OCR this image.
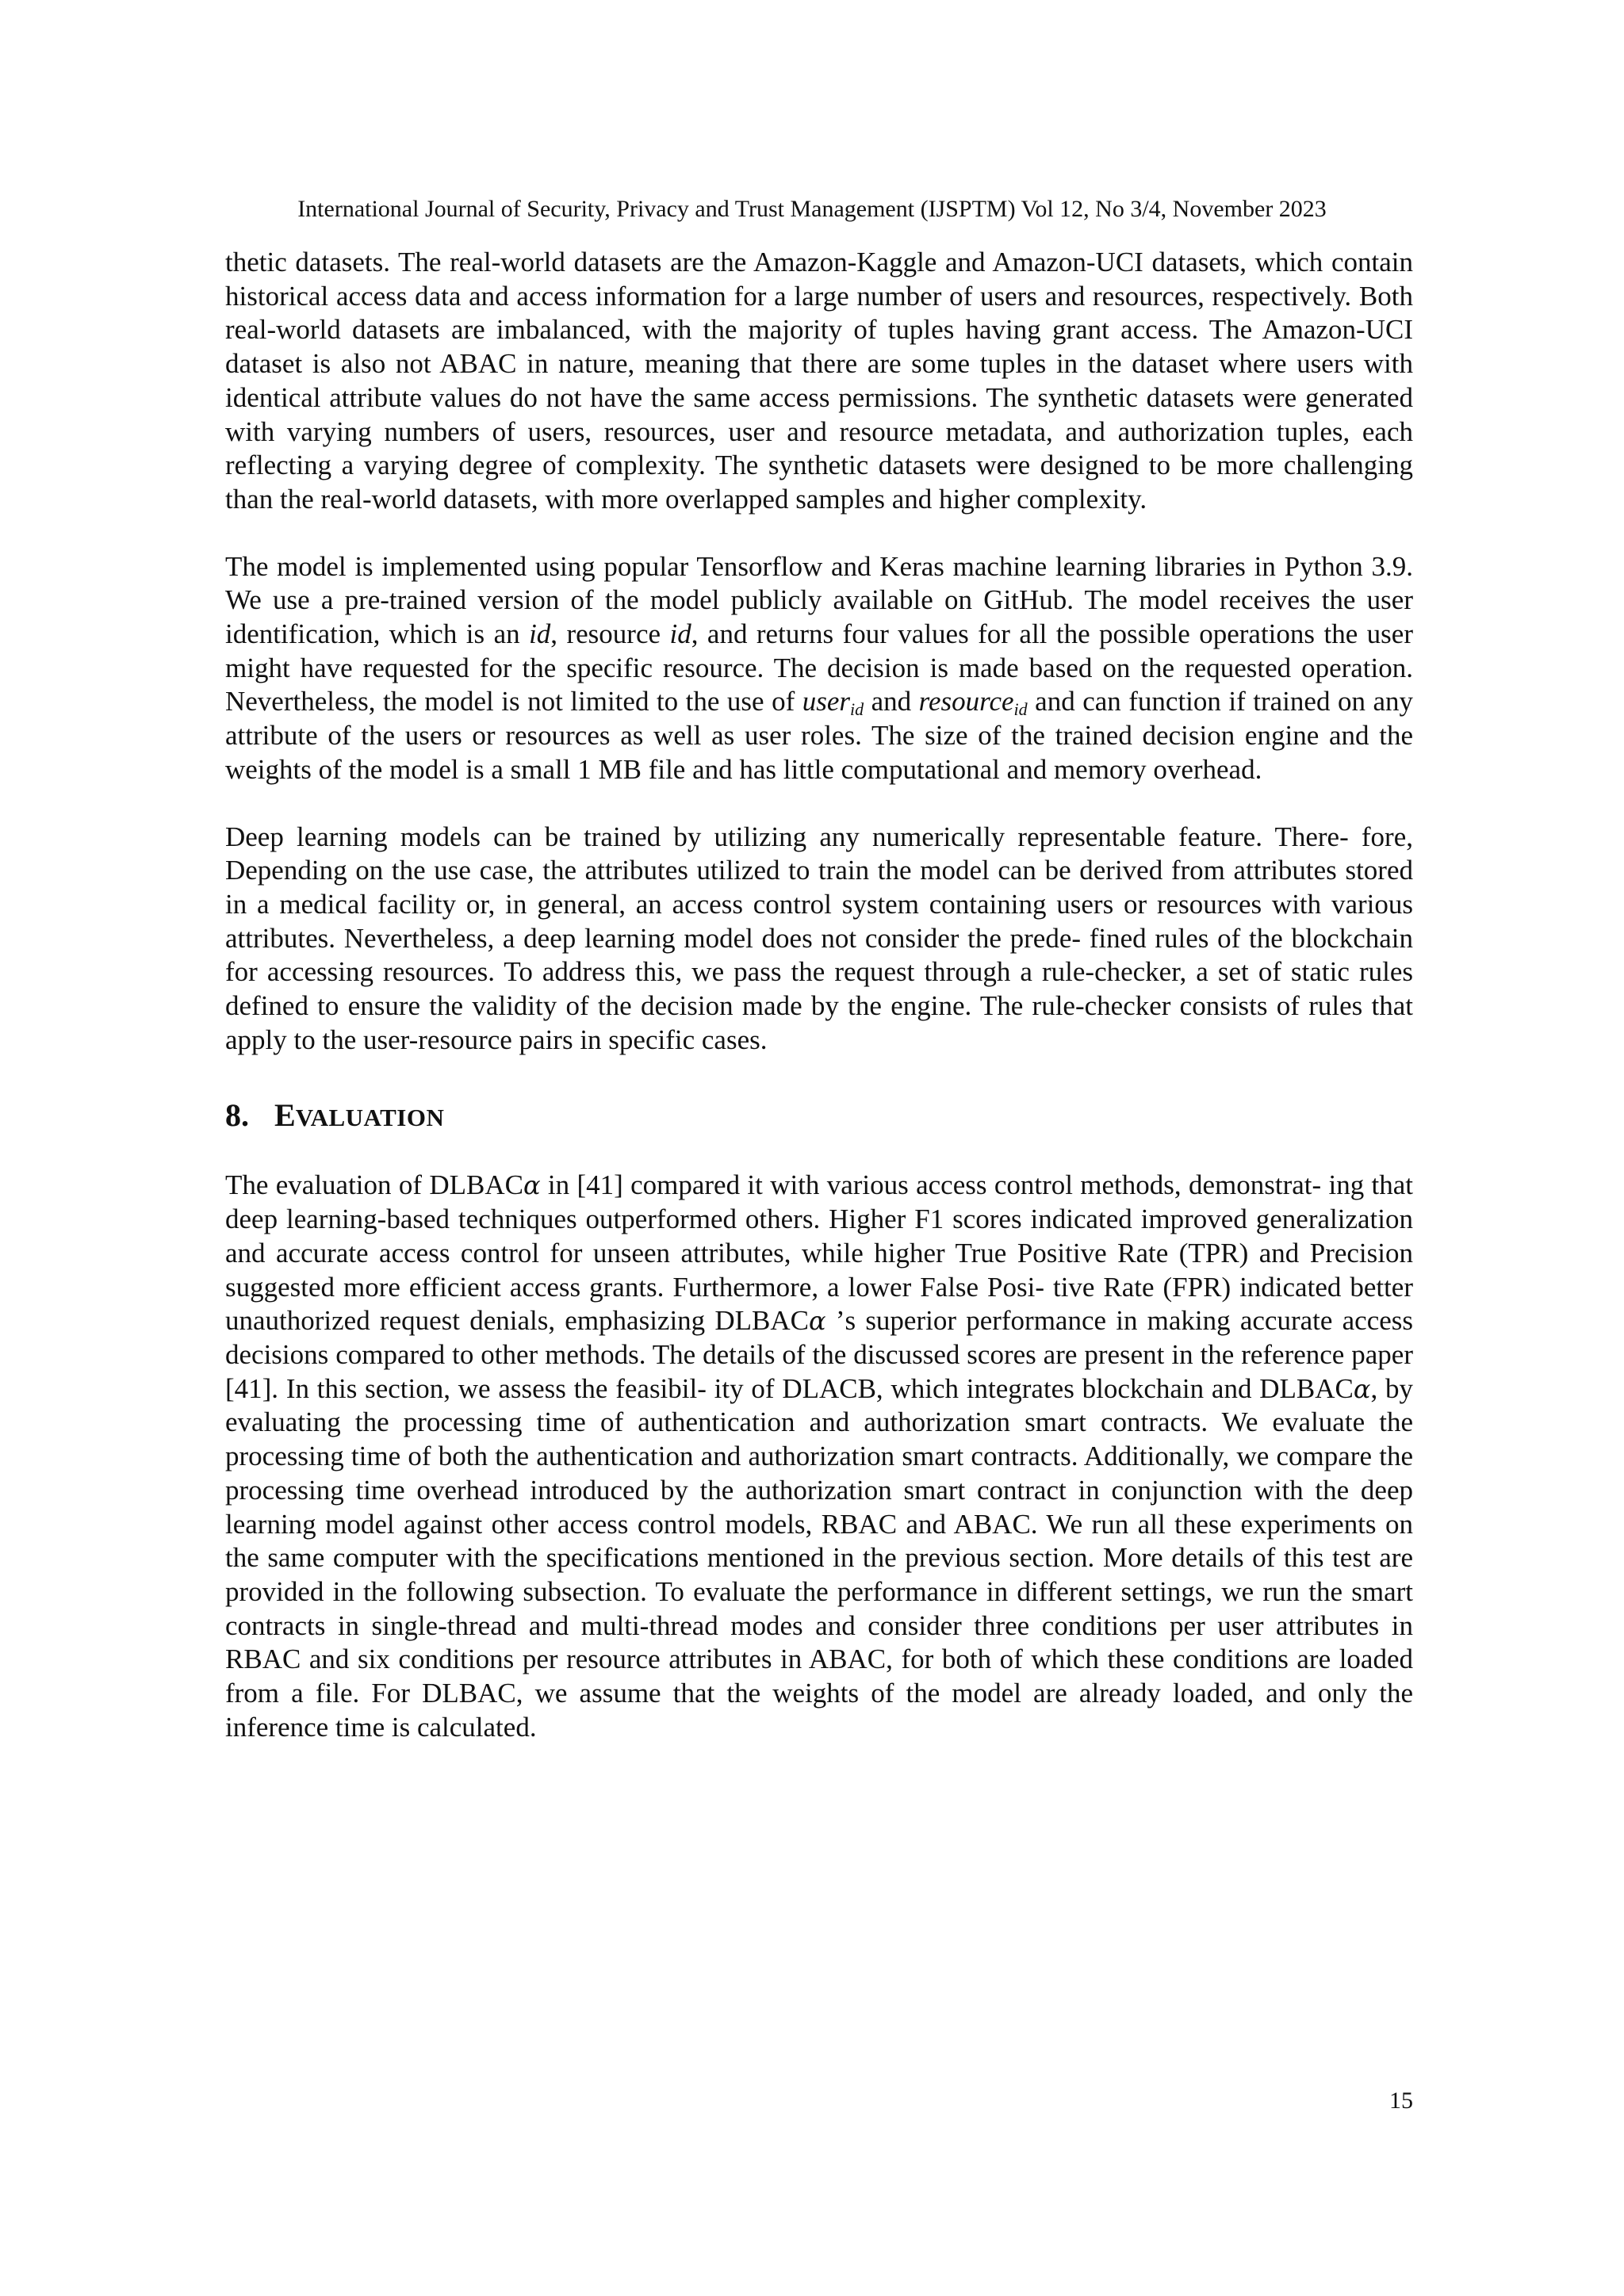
International Journal of Security, Privacy and Trust Management (IJSPTM) Vol 12, No 3/4, November 2023

thetic datasets. The real-world datasets are the Amazon-Kaggle and Amazon-UCI datasets, which contain historical access data and access information for a large number of users and resources, respectively. Both real-world datasets are imbalanced, with the majority of tuples having grant access. The Amazon-UCI dataset is also not ABAC in nature, meaning that there are some tuples in the dataset where users with identical attribute values do not have the same access permissions. The synthetic datasets were generated with varying numbers of users, resources, user and resource metadata, and authorization tuples, each reflecting a varying degree of complexity. The synthetic datasets were designed to be more challenging than the real-world datasets, with more overlapped samples and higher complexity.

The model is implemented using popular Tensorflow and Keras machine learning libraries in Python 3.9. We use a pre-trained version of the model publicly available on GitHub. The model receives the user identification, which is an id, resource id, and returns four values for all the possible operations the user might have requested for the specific resource. The decision is made based on the requested operation. Nevertheless, the model is not limited to the use of user$_{id}$ and resource$_{id}$ and can function if trained on any attribute of the users or resources as well as user roles. The size of the trained decision engine and the weights of the model is a small 1 MB file and has little computational and memory overhead.

Deep learning models can be trained by utilizing any numerically representable feature. There- fore, Depending on the use case, the attributes utilized to train the model can be derived from attributes stored in a medical facility or, in general, an access control system containing users or resources with various attributes. Nevertheless, a deep learning model does not consider the prede- fined rules of the blockchain for accessing resources. To address this, we pass the request through a rule-checker, a set of static rules defined to ensure the validity of the decision made by the engine. The rule-checker consists of rules that apply to the user-resource pairs in specific cases.

8. EVALUATION

The evaluation of DLBACα in [41] compared it with various access control methods, demonstrat- ing that deep learning-based techniques outperformed others. Higher F1 scores indicated improved generalization and accurate access control for unseen attributes, while higher True Positive Rate (TPR) and Precision suggested more efficient access grants. Furthermore, a lower False Posi- tive Rate (FPR) indicated better unauthorized request denials, emphasizing DLBACα ’s superior performance in making accurate access decisions compared to other methods. The details of the discussed scores are present in the reference paper [41]. In this section, we assess the feasibil- ity of DLACB, which integrates blockchain and DLBACα, by evaluating the processing time of authentication and authorization smart contracts. We evaluate the processing time of both the authentication and authorization smart contracts. Additionally, we compare the processing time overhead introduced by the authorization smart contract in conjunction with the deep learning model against other access control models, RBAC and ABAC. We run all these experiments on the same computer with the specifications mentioned in the previous section. More details of this test are provided in the following subsection. To evaluate the performance in different settings, we run the smart contracts in single-thread and multi-thread modes and consider three conditions per user attributes in RBAC and six conditions per resource attributes in ABAC, for both of which these conditions are loaded from a file. For DLBAC, we assume that the weights of the model are already loaded, and only the inference time is calculated.

15
